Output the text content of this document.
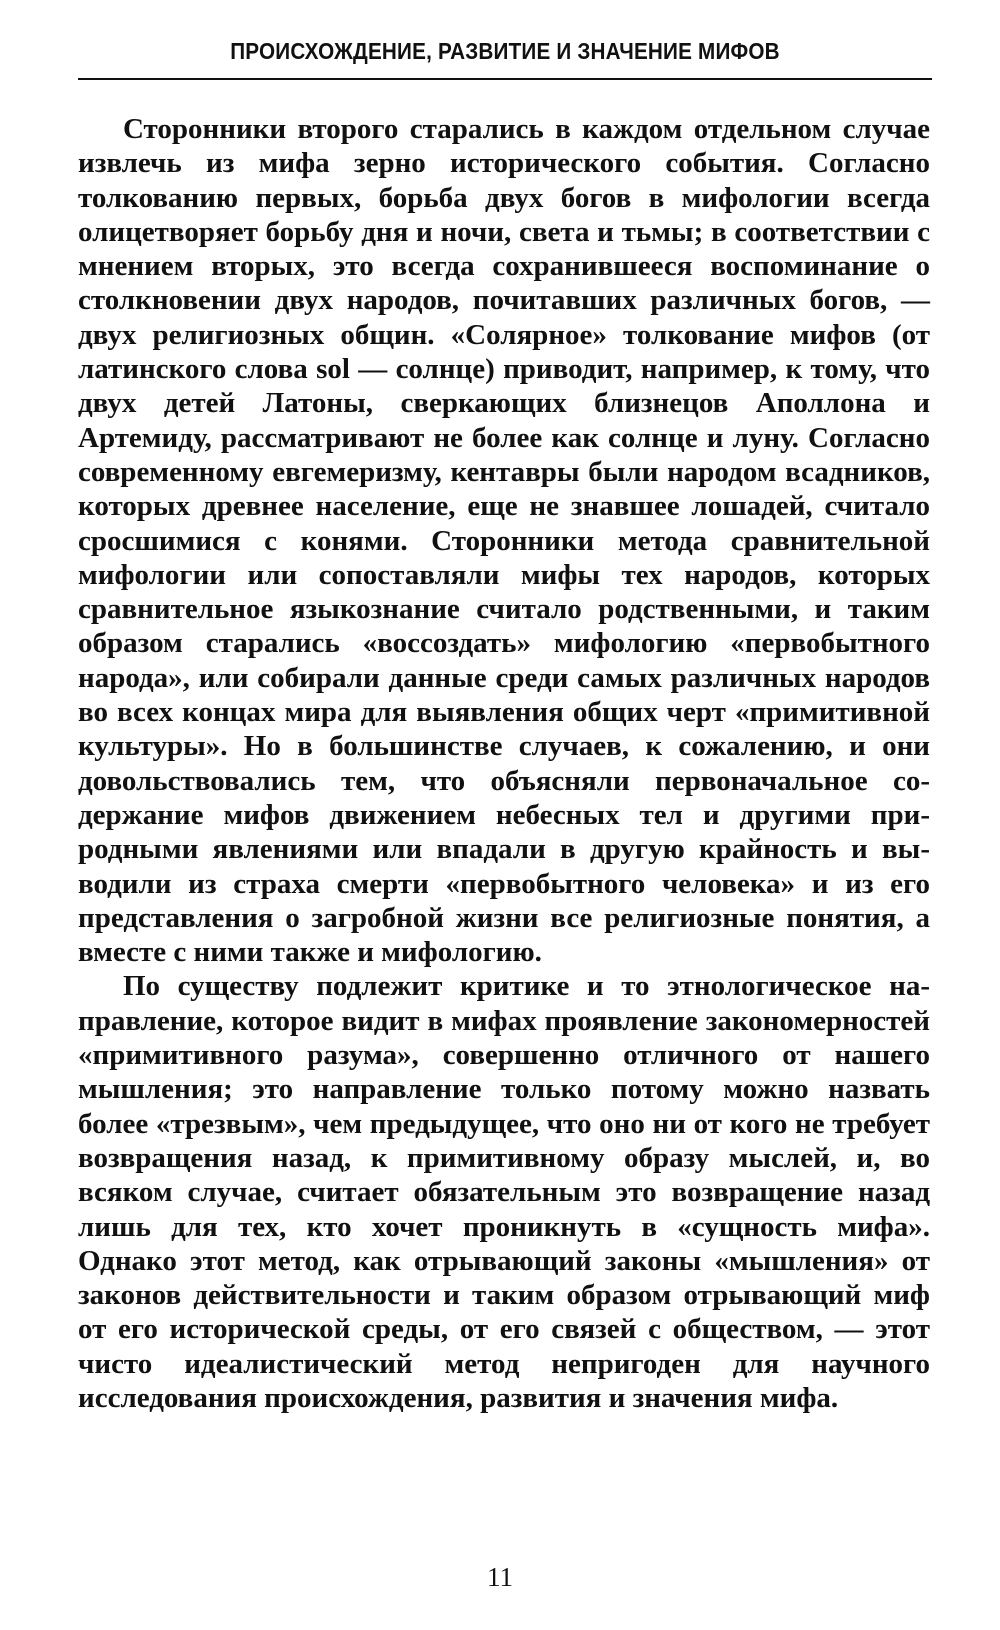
ПРОИСХОЖДЕНИЕ, РАЗВИТИЕ И ЗНАЧЕНИЕ МИФОВ

Сторонники второго старались в каждом отдельном случае извлечь из мифа зерно исторического события. Согласно толкованию первых, борьба двух богов в мифологии всегда олицетворяет борьбу дня и ночи, света и тьмы; в соответствии с мнением вторых, это всегда сохранившееся воспоминание о столкновении двух народов, почитавших различных богов, — двух религиозных общин. «Солярное» толкование мифов (от латинского слова sol — солнце) приводит, например, к тому, что двух детей Латоны, сверкающих близнецов Аполлона и Артемиду, рассматривают не более как солнце и луну. Согласно современному евгемеризму, кентавры были народом всадников, которых древнее население, еще не знавшее лошадей, считало сросшимися с конями. Сторонники метода сравнительной мифологии или сопоставляли мифы тех народов, которых сравнительное языкознание считало родственными, и таким образом старались «воссоздать» мифологию «первобытного народа», или собирали данные среди самых различных народов во всех концах мира для выявления общих черт «примитивной культуры». Но в большинстве случаев, к сожалению, и они довольствовались тем, что объясняли первоначальное содержание мифов движением небесных тел и другими природными явлениями или впадали в другую крайность и выводили из страха смерти «первобытного человека» и из его представления о загробной жизни все религиозные понятия, а вместе с ними также и мифологию.

По существу подлежит критике и то этнологическое направление, которое видит в мифах проявление закономерностей «примитивного разума», совершенно отличного от нашего мышления; это направление только потому можно назвать более «трезвым», чем предыдущее, что оно ни от кого не требует возвращения назад, к примитивному образу мыслей, и, во всяком случае, считает обязательным это возвращение назад лишь для тех, кто хочет проникнуть в «сущность мифа». Однако этот метод, как отрывающий законы «мышления» от законов действительности и таким образом отрывающий миф от его исторической среды, от его связей с обществом, — этот чисто идеалистический метод непригоден для научного исследования происхождения, развития и значения мифа.

11
